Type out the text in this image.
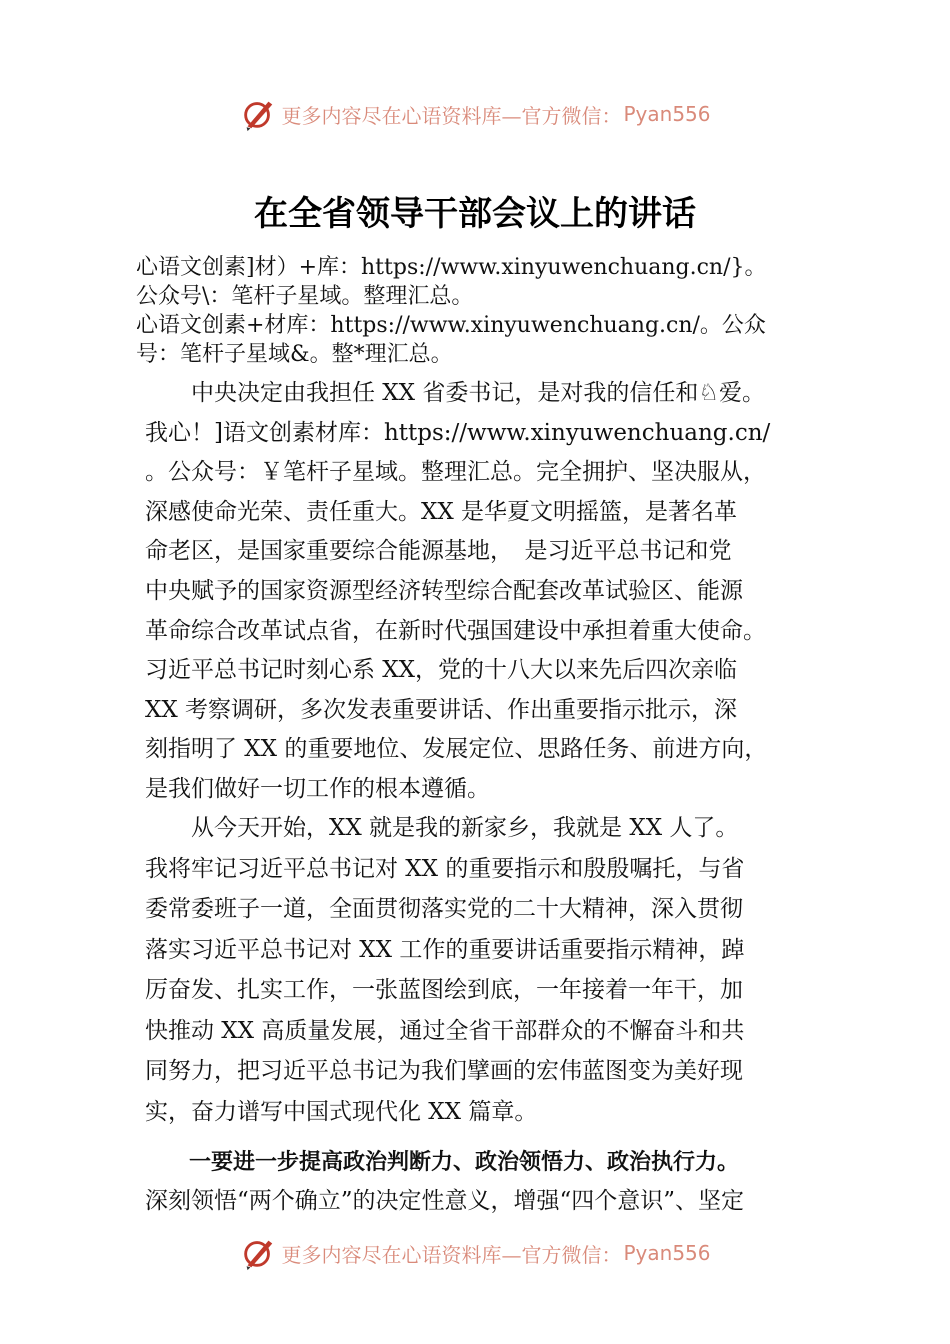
更多内容尽在心语资料库—官方微信： Pyan556
在全省领导干部会议上的讲话
心语文创素]材）+库：https://www.xinyuwenchuang.cn/}。
公众号\：笔杆子星域。整理汇总。
心语文创素+材库：https://www.xinyuwenchuang.cn/。公众
号：笔杆子星域&。整*理汇总。
　　中央决定由我担任 XX 省委书记，是对我的信任和♘爱。
我心！]语文创素材库：https://www.xinyuwenchuang.cn/
。公众号：￥笔杆子星域。整理汇总。完全拥护、坚决服从，
深感使命光荣、责任重大。XX 是华夏文明摇篮，是著名革
命老区，是国家重要综合能源基地，　是习近平总书记和党
中央赋予的国家资源型经济转型综合配套改革试验区、能源
革命综合改革试点省，在新时代强国建设中承担着重大使命。
习近平总书记时刻心系 XX，党的十八大以来先后四次亲临
XX 考察调研，多次发表重要讲话、作出重要指示批示，深
刻指明了 XX 的重要地位、发展定位、思路任务、前进方向，
是我们做好一切工作的根本遵循。
　　从今天开始，XX 就是我的新家乡，我就是 XX 人了。
我将牢记习近平总书记对 XX 的重要指示和殷殷嘱托，与省
委常委班子一道，全面贯彻落实党的二十大精神，深入贯彻
落实习近平总书记对 XX 工作的重要讲话重要指示精神，踔
厉奋发、扎实工作，一张蓝图绘到底，一年接着一年干，加
快推动 XX 高质量发展，通过全省干部群众的不懈奋斗和共
同努力，把习近平总书记为我们擘画的宏伟蓝图变为美好现
实，奋力谱写中国式现代化 XX 篇章。
　　一要进一步提高政治判断力、政治领悟力、政治执行力。
深刻领悟“两个确立”的决定性意义，增强“四个意识”、坚定
更多内容尽在心语资料库—官方微信： Pyan556
